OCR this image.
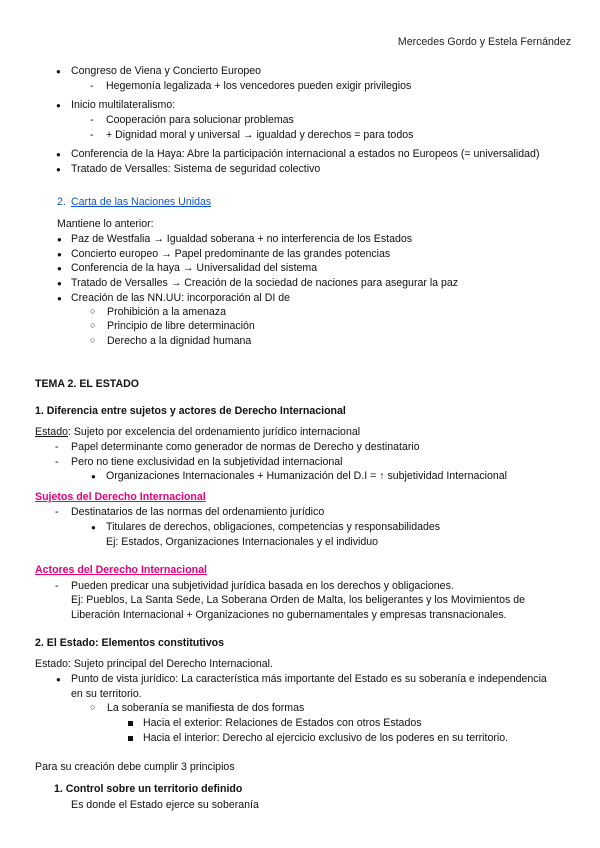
Mercedes Gordo y Estela Fernández
● Congreso de Viena y Concierto Europeo
- Hegemonía legalizada + los vencedores pueden exigir privilegios
● Inicio multilateralismo:
- Cooperación para solucionar problemas
- + Dignidad moral y universal → igualdad y derechos = para todos
● Conferencia de la Haya: Abre la participación internacional a estados no Europeos (= universalidad)
● Tratado de Versalles: Sistema de seguridad colectivo
2. Carta de las Naciones Unidas
Mantiene lo anterior:
● Paz de Westfalia → Igualdad soberana + no interferencia de los Estados
● Concierto europeo → Papel predominante de las grandes potencias
● Conferencia de la haya → Universalidad del sistema
● Tratado de Versalles → Creación de la sociedad de naciones para asegurar la paz
● Creación de las NN.UU: incorporación al DI de
○ Prohibición a la amenaza
○ Principio de libre determinación
○ Derecho a la dignidad humana
TEMA 2. EL ESTADO
1. Diferencia entre sujetos y actores de Derecho Internacional
Estado: Sujeto por excelencia del ordenamiento jurídico internacional
- Papel determinante como generador de normas de Derecho y destinatario
- Pero no tiene exclusividad en la subjetividad internacional
● Organizaciones Internacionales + Humanización del D.I = ↑ subjetividad Internacional
Sujetos del Derecho Internacional
- Destinatarios de las normas del ordenamiento jurídico
● Titulares de derechos, obligaciones, competencias y responsabilidades
Ej: Estados, Organizaciones Internacionales y el individuo
Actores del Derecho Internacional
- Pueden predicar una subjetividad jurídica basada en los derechos y obligaciones.
Ej: Pueblos, La Santa Sede, La Soberana Orden de Malta, los beligerantes y los Movimientos de
Liberación Internacional + Organizaciones no gubernamentales y empresas transnacionales.
2. El Estado: Elementos constitutivos
Estado: Sujeto principal del Derecho Internacional.
● Punto de vista jurídico: La característica más importante del Estado es su soberanía e independencia
en su territorio.
○ La soberanía se manifiesta de dos formas
Hacia el exterior: Relaciones de Estados con otros Estados
Hacia el interior: Derecho al ejercicio exclusivo de los poderes en su territorio.
Para su creación debe cumplir 3 principios
1. Control sobre un territorio definido
Es donde el Estado ejerce su soberanía
